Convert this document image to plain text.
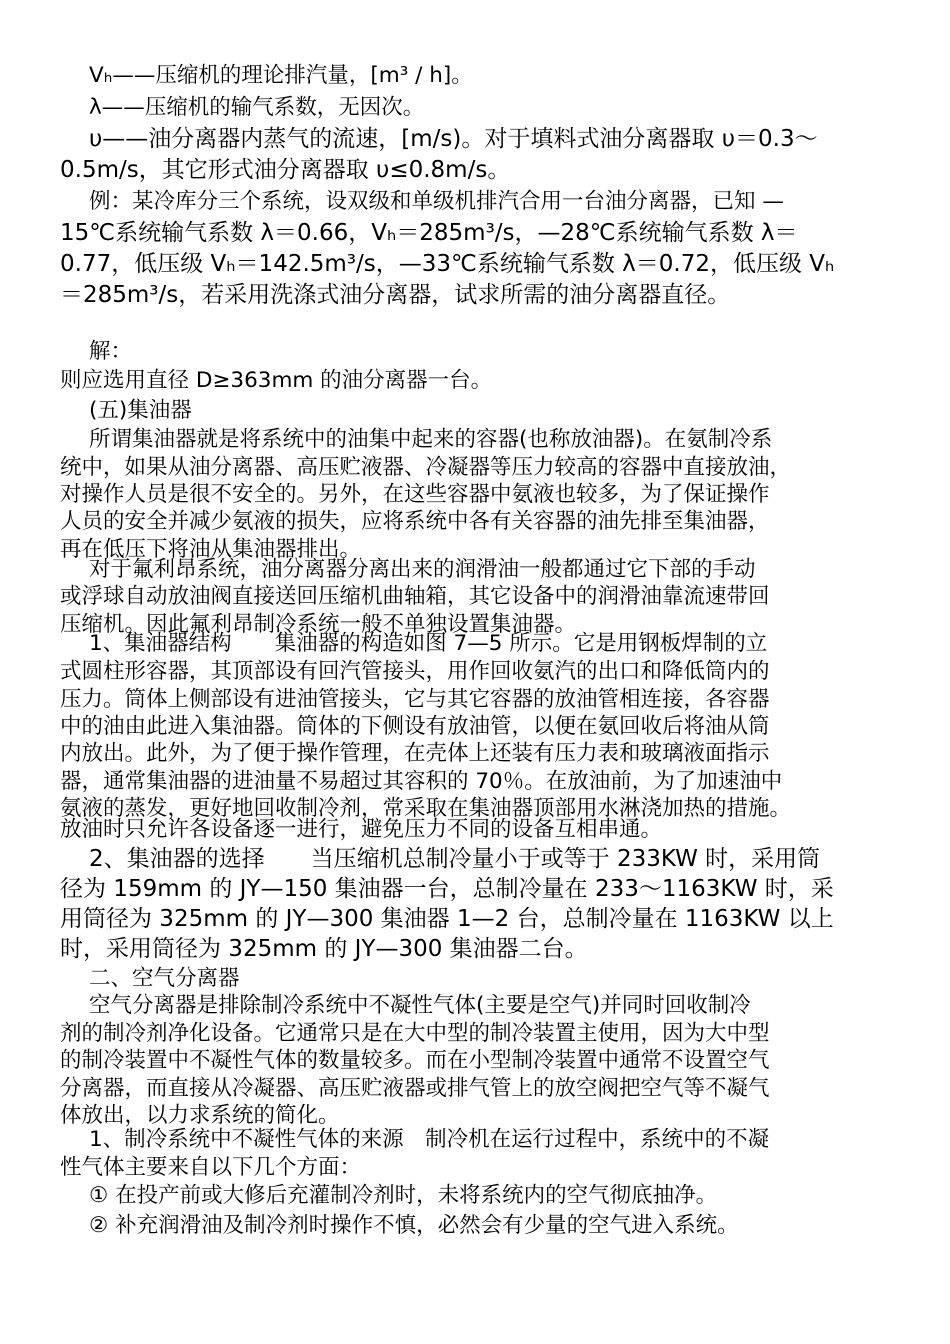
Vₕ——压缩机的理论排汽量，[m³ / h]。
λ——压缩机的输气系数，无因次。
υ——油分离器内蒸气的流速，[m/s)。对于填料式油分离器取 υ＝0.3～
0.5m/s，其它形式油分离器取 υ≤0.8m/s。
例：某冷库分三个系统，设双级和单级机排汽合用一台油分离器，已知 —
15℃系统输气系数 λ＝0.66，Vₕ＝285m³/s，—28℃系统输气系数 λ＝
0.77，低压级 Vₕ＝142.5m³/s，—33℃系统输气系数 λ＝0.72，低压级 Vₕ
＝285m³/s，若采用洗涤式油分离器，试求所需的油分离器直径。
解：
则应选用直径 D≥363mm 的油分离器一台。
(五)集油器
所谓集油器就是将系统中的油集中起来的容器(也称放油器)。在氨制冷系
统中，如果从油分离器、高压贮液器、冷凝器等压力较高的容器中直接放油，
对操作人员是很不安全的。另外，在这些容器中氨液也较多，为了保证操作
人员的安全并减少氨液的损失，应将系统中各有关容器的油先排至集油器，
再在低压下将油从集油器排出。
对于氟利昂系统，油分离器分离出来的润滑油一般都通过它下部的手动
或浮球自动放油阀直接送回压缩机曲轴箱，其它设备中的润滑油靠流速带回
压缩机。因此氟利昂制冷系统一般不单独设置集油器。
1、集油器结构　　集油器的构造如图 7—5 所示。它是用钢板焊制的立
式圆柱形容器，其顶部设有回汽管接头，用作回收氨汽的出口和降低筒内的
压力。筒体上侧部设有进油管接头，它与其它容器的放油管相连接，各容器
中的油由此进入集油器。筒体的下侧设有放油管，以便在氨回收后将油从筒
内放出。此外，为了便于操作管理，在壳体上还装有压力表和玻璃液面指示
器，通常集油器的进油量不易超过其容积的 70％。在放油前，为了加速油中
氨液的蒸发，更好地回收制冷剂，常采取在集油器顶部用水淋浇加热的措施。
放油时只允许各设备逐一进行，避免压力不同的设备互相串通。
2、集油器的选择　　当压缩机总制冷量小于或等于 233KW 时，采用筒
径为 159mm 的 JY—150 集油器一台，总制冷量在 233～1163KW 时，采
用筒径为 325mm 的 JY—300 集油器 1—2 台，总制冷量在 1163KW 以上
时，采用筒径为 325mm 的 JY—300 集油器二台。
二、空气分离器
空气分离器是排除制冷系统中不凝性气体(主要是空气)并同时回收制冷
剂的制冷剂净化设备。它通常只是在大中型的制冷装置主使用，因为大中型
的制冷装置中不凝性气体的数量较多。而在小型制冷装置中通常不设置空气
分离器，而直接从冷凝器、高压贮液器或排气管上的放空阀把空气等不凝气
体放出，以力求系统的简化。
1、制冷系统中不凝性气体的来源　制冷机在运行过程中，系统中的不凝
性气体主要来自以下几个方面：
① 在投产前或大修后充灌制冷剂时，未将系统内的空气彻底抽净。
② 补充润滑油及制冷剂时操作不慎，必然会有少量的空气进入系统。
